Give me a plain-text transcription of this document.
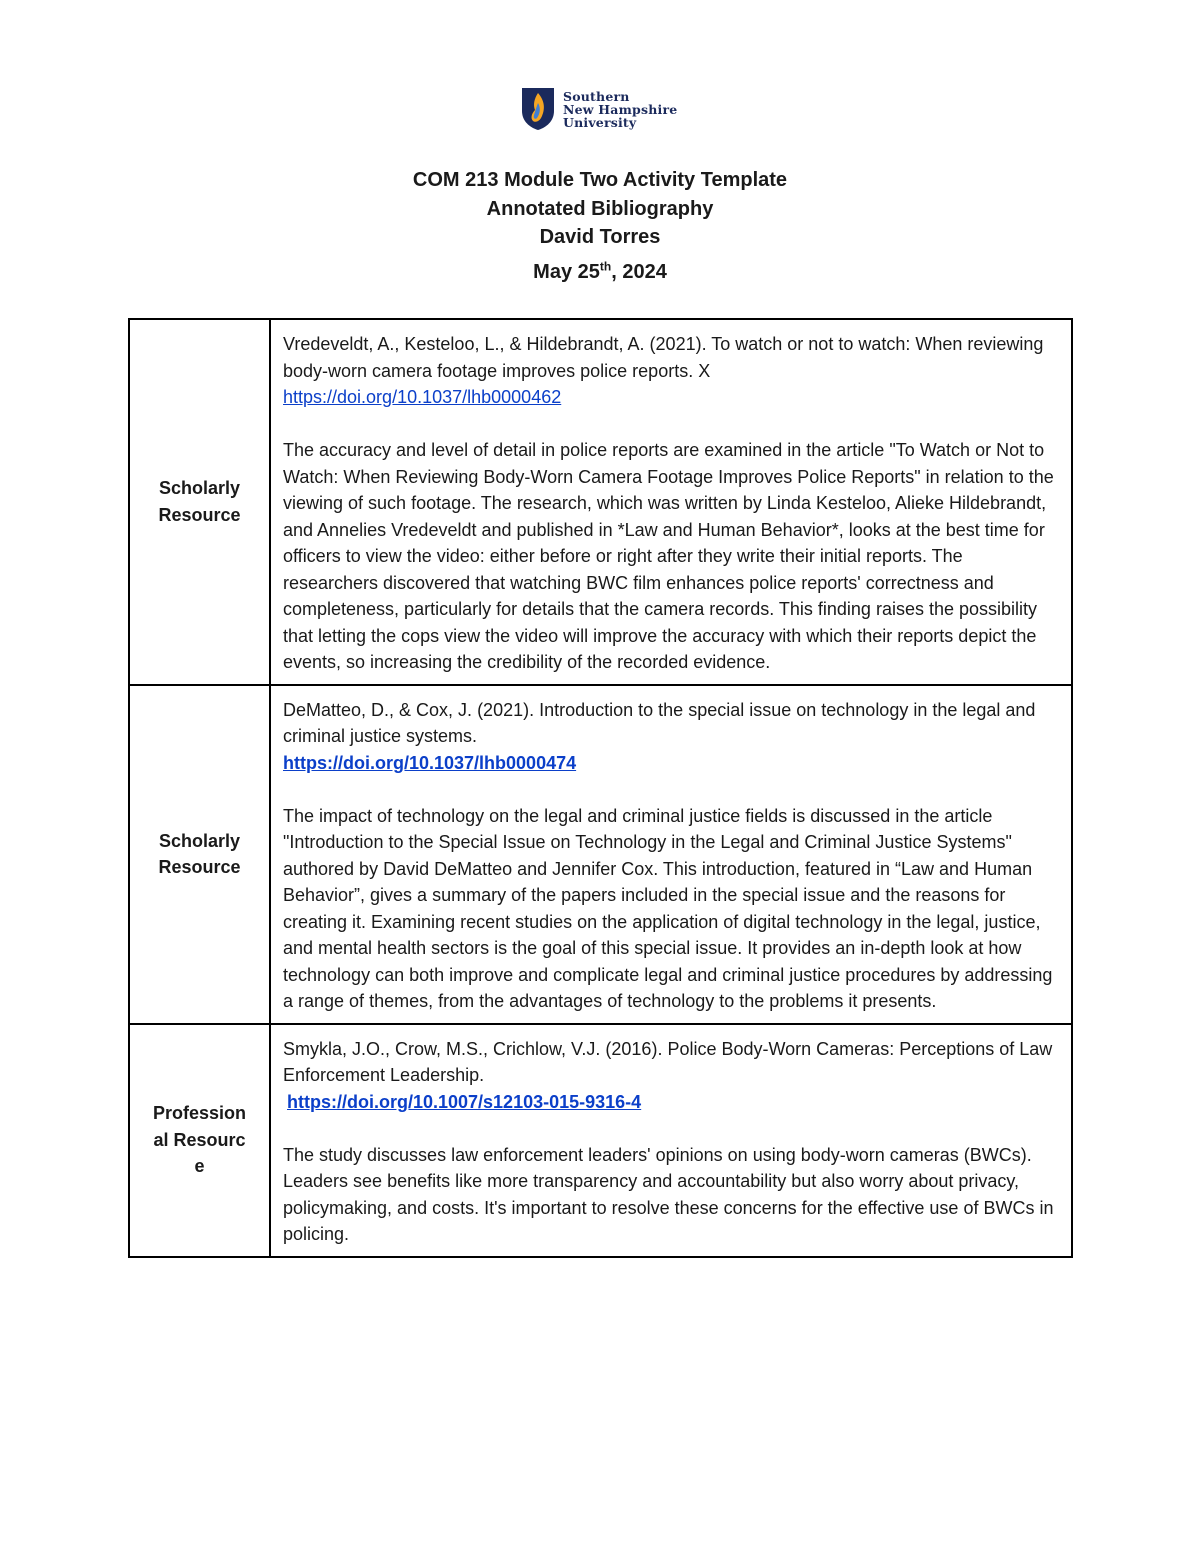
Southern
New Hampshire
University
COM 213 Module Two Activity Template
Annotated Bibliography
David Torres
May 25th, 2024
Scholarly Resource	Vredeveldt, A., Kesteloo, L., & Hildebrandt, A. (2021). To watch or not to watch: When reviewing body-worn camera footage improves police reports. X

https://doi.org/10.1037/lhb0000462

The accuracy and level of detail in police reports are examined in the article "To Watch or Not to Watch: When Reviewing Body-Worn Camera Footage Improves Police Reports" in relation to the viewing of such footage. The research, which was written by Linda Kesteloo, Alieke Hildebrandt, and Annelies Vredeveldt and published in *Law and Human Behavior*, looks at the best time for officers to view the video: either before or right after they write their initial reports. The researchers discovered that watching BWC film enhances police reports' correctness and completeness, particularly for details that the camera records. This finding raises the possibility that letting the cops view the video will improve the accuracy with which their reports depict the events, so increasing the credibility of the recorded evidence.

Scholarly Resource	DeMatteo, D., & Cox, J. (2021). Introduction to the special issue on technology in the legal and criminal justice systems.

https://doi.org/10.1037/lhb0000474

The impact of technology on the legal and criminal justice fields is discussed in the article "Introduction to the Special Issue on Technology in the Legal and Criminal Justice Systems" authored by David DeMatteo and Jennifer Cox. This introduction, featured in “Law and Human Behavior”, gives a summary of the papers included in the special issue and the reasons for creating it. Examining recent studies on the application of digital technology in the legal, justice, and mental health sectors is the goal of this special issue. It provides an in-depth look at how technology can both improve and complicate legal and criminal justice procedures by addressing a range of themes, from the advantages of technology to the problems it presents.

Professional Resource	Smykla, J.O., Crow, M.S., Crichlow, V.J. (2016). Police Body-Worn Cameras: Perceptions of Law Enforcement Leadership.

https://doi.org/10.1007/s12103-015-9316-4

The study discusses law enforcement leaders' opinions on using body-worn cameras (BWCs). Leaders see benefits like more transparency and accountability but also worry about privacy, policymaking, and costs. It's important to resolve these concerns for the effective use of BWCs in policing.
